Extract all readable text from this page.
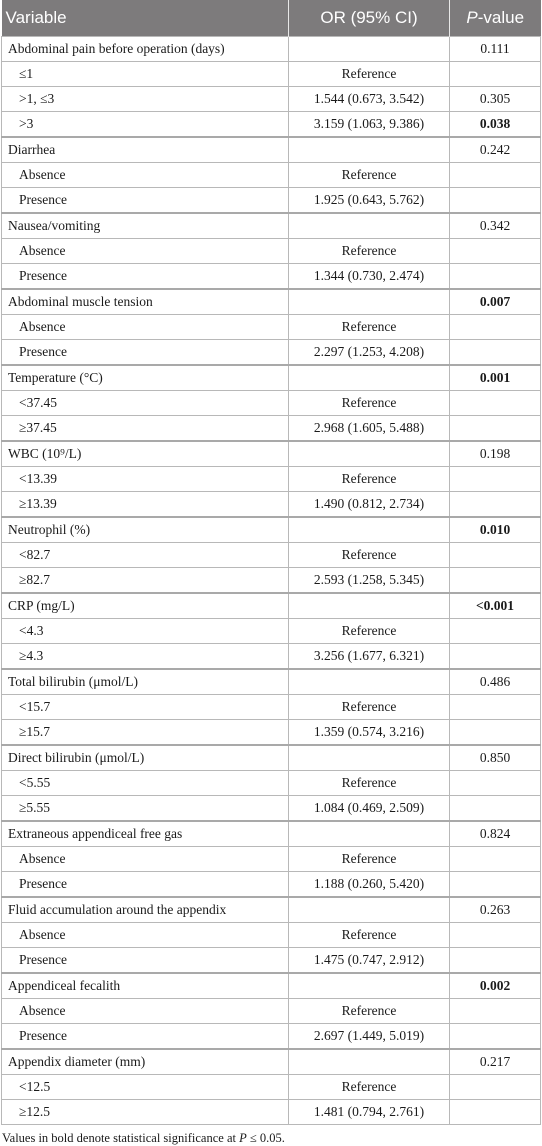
Variable	OR (95% CI)	P-value
Abdominal pain before operation (days)		0.111
≤1	Reference	
>1, ≤3	1.544 (0.673, 3.542)	0.305
>3	3.159 (1.063, 9.386)	0.038
Diarrhea		0.242
Absence	Reference	
Presence	1.925 (0.643, 5.762)	
Nausea/vomiting		0.342
Absence	Reference	
Presence	1.344 (0.730, 2.474)	
Abdominal muscle tension		0.007
Absence	Reference	
Presence	2.297 (1.253, 4.208)	
Temperature (°C)		0.001
<37.45	Reference	
≥37.45	2.968 (1.605, 5.488)	
WBC (10⁹/L)		0.198
<13.39	Reference	
≥13.39	1.490 (0.812, 2.734)	
Neutrophil (%)		0.010
<82.7	Reference	
≥82.7	2.593 (1.258, 5.345)	
CRP (mg/L)		<0.001
<4.3	Reference	
≥4.3	3.256 (1.677, 6.321)	
Total bilirubin (μmol/L)		0.486
<15.7	Reference	
≥15.7	1.359 (0.574, 3.216)	
Direct bilirubin (μmol/L)		0.850
<5.55	Reference	
≥5.55	1.084 (0.469, 2.509)	
Extraneous appendiceal free gas		0.824
Absence	Reference	
Presence	1.188 (0.260, 5.420)	
Fluid accumulation around the appendix		0.263
Absence	Reference	
Presence	1.475 (0.747, 2.912)	
Appendiceal fecalith		0.002
Absence	Reference	
Presence	2.697 (1.449, 5.019)	
Appendix diameter (mm)		0.217
<12.5	Reference	
≥12.5	1.481 (0.794, 2.761)	

Values in bold denote statistical significance at P ≤ 0.05.
